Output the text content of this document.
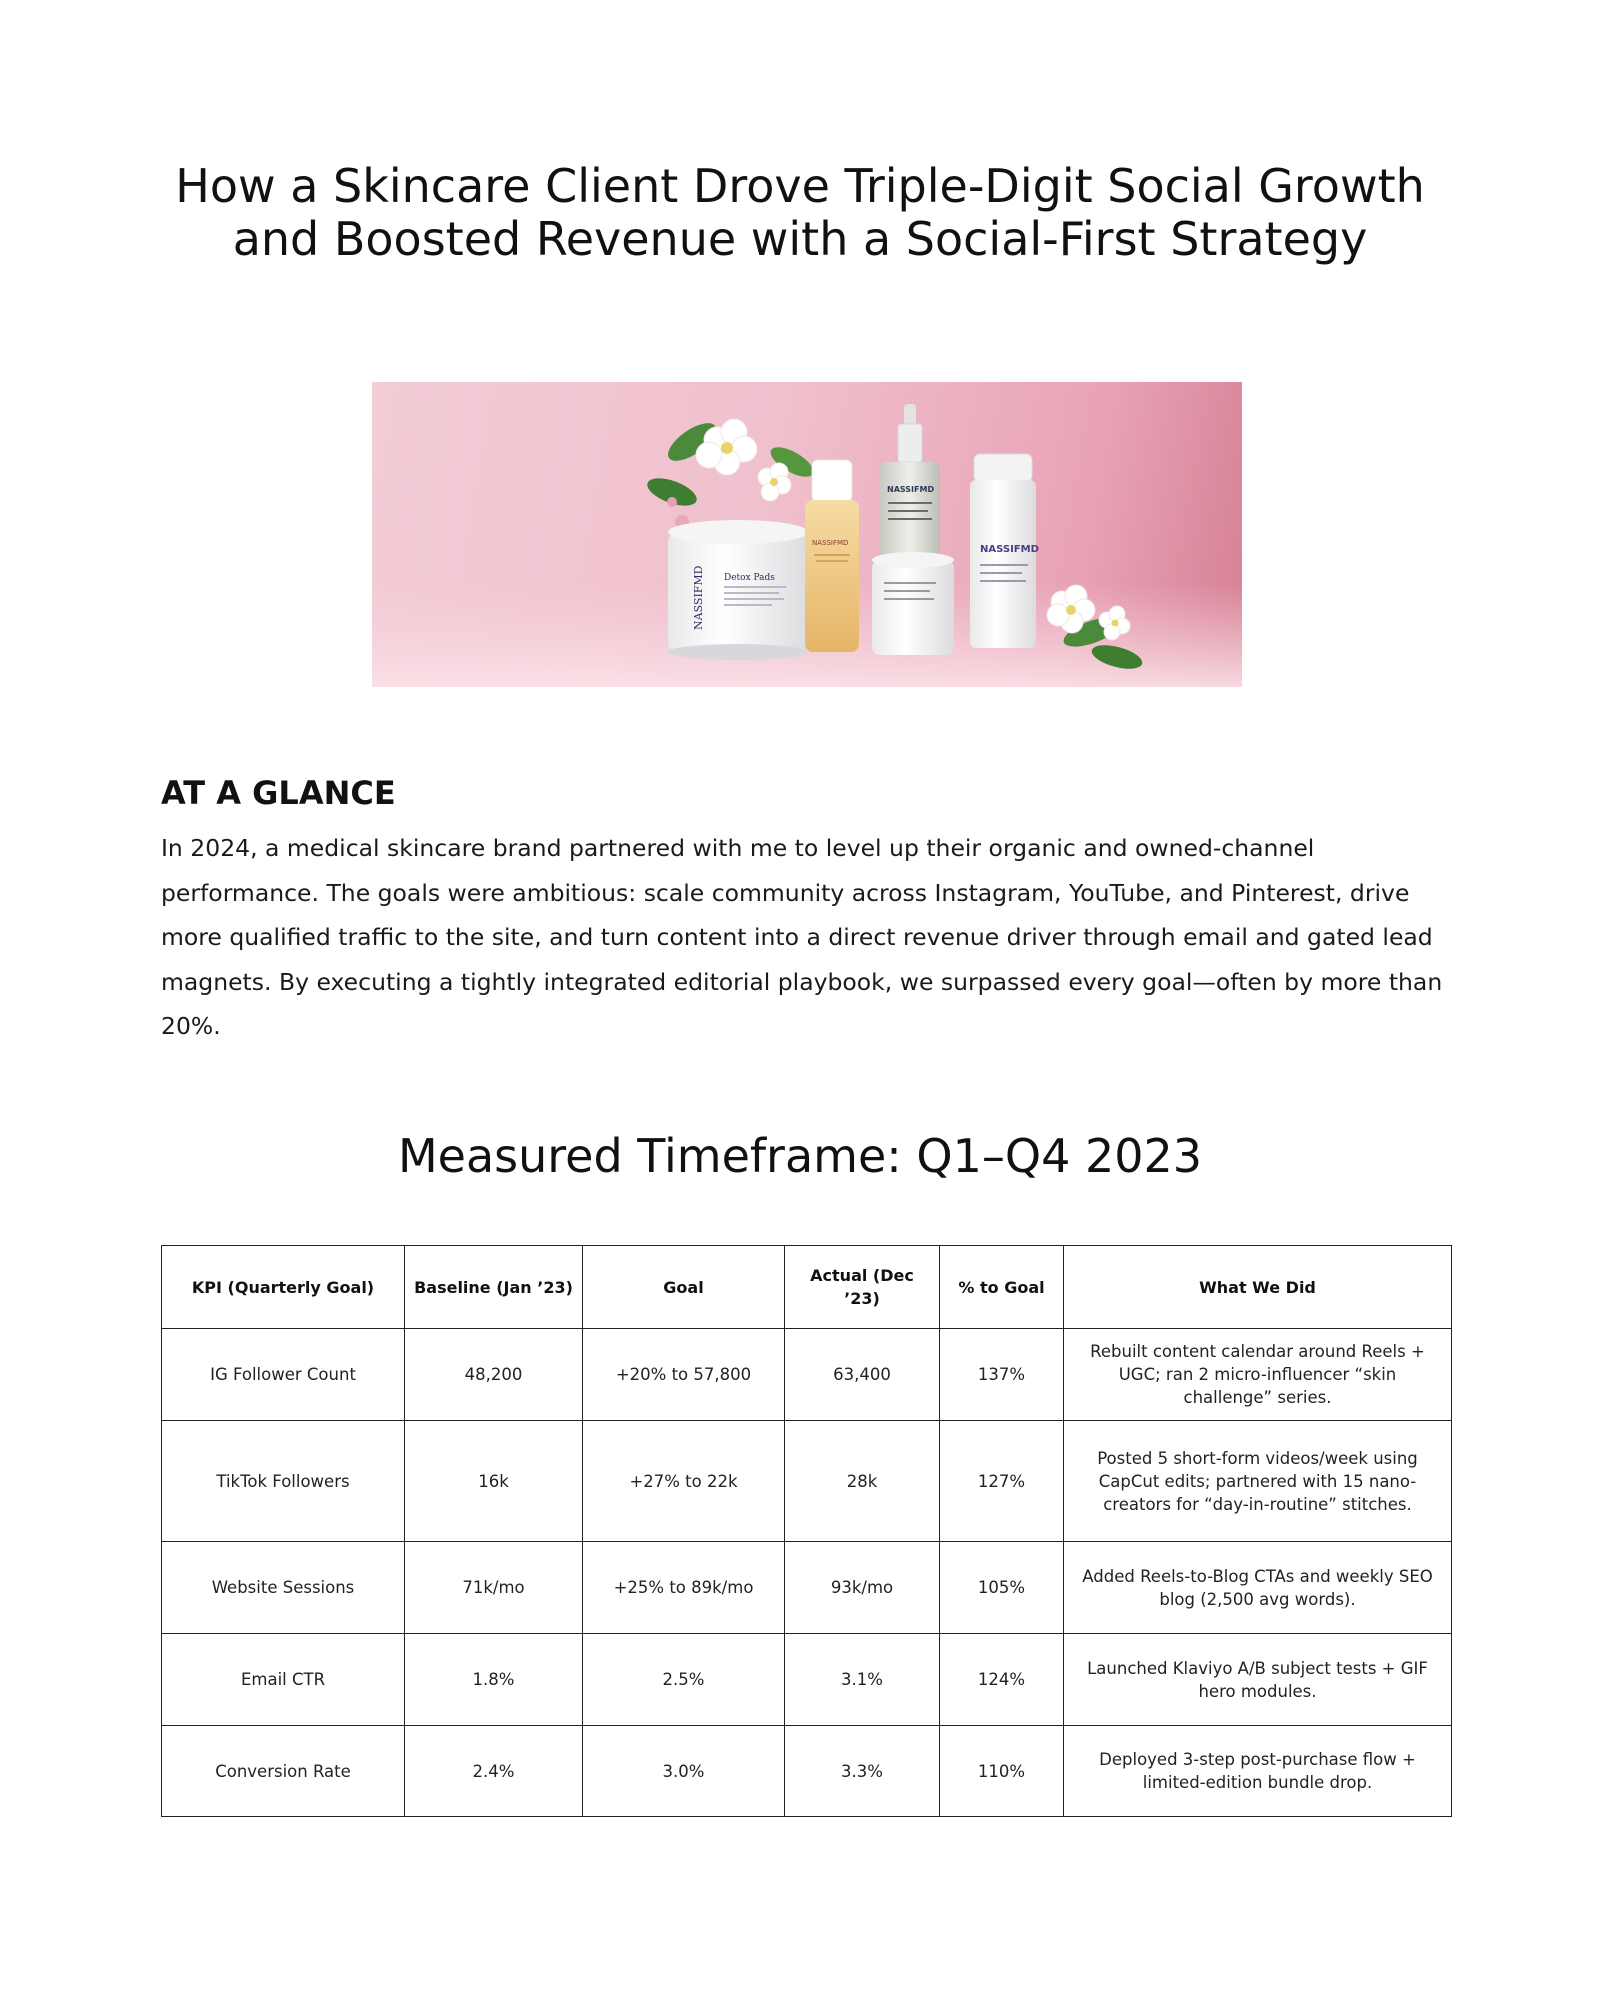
How a Skincare Client Drove Triple-Digit Social Growth and Boosted Revenue with a Social-First Strategy
NASSIFMD Detox Pads
NASSIFMD
NASSIFMD
NASSIFMD
AT A GLANCE

In 2024, a medical skincare brand partnered with me to level up their organic and owned-channel performance. The goals were ambitious: scale community across Instagram, YouTube, and Pinterest, drive more qualified traffic to the site, and turn content into a direct revenue driver through email and gated lead magnets. By executing a tightly integrated editorial playbook, we surpassed every goal—often by more than 20%.

Measured Timeframe: Q1–Q4 2023
KPI (Quarterly Goal)	Baseline (Jan ’23)	Goal	Actual (Dec ’23)	% to Goal	What We Did
IG Follower Count	48,200	+20% to 57,800	63,400	137%	Rebuilt content calendar around Reels + UGC; ran 2 micro-influencer “skin challenge” series.
TikTok Followers	16k	+27% to 22k	28k	127%	Posted 5 short-form videos/week using CapCut edits; partnered with 15 nano-creators for “day-in-routine” stitches.
Website Sessions	71k/mo	+25% to 89k/mo	93k/mo	105%	Added Reels-to-Blog CTAs and weekly SEO blog (2,500 avg words).
Email CTR	1.8%	2.5%	3.1%	124%	Launched Klaviyo A/B subject tests + GIF hero modules.
Conversion Rate	2.4%	3.0%	3.3%	110%	Deployed 3-step post-purchase flow + limited-edition bundle drop.
